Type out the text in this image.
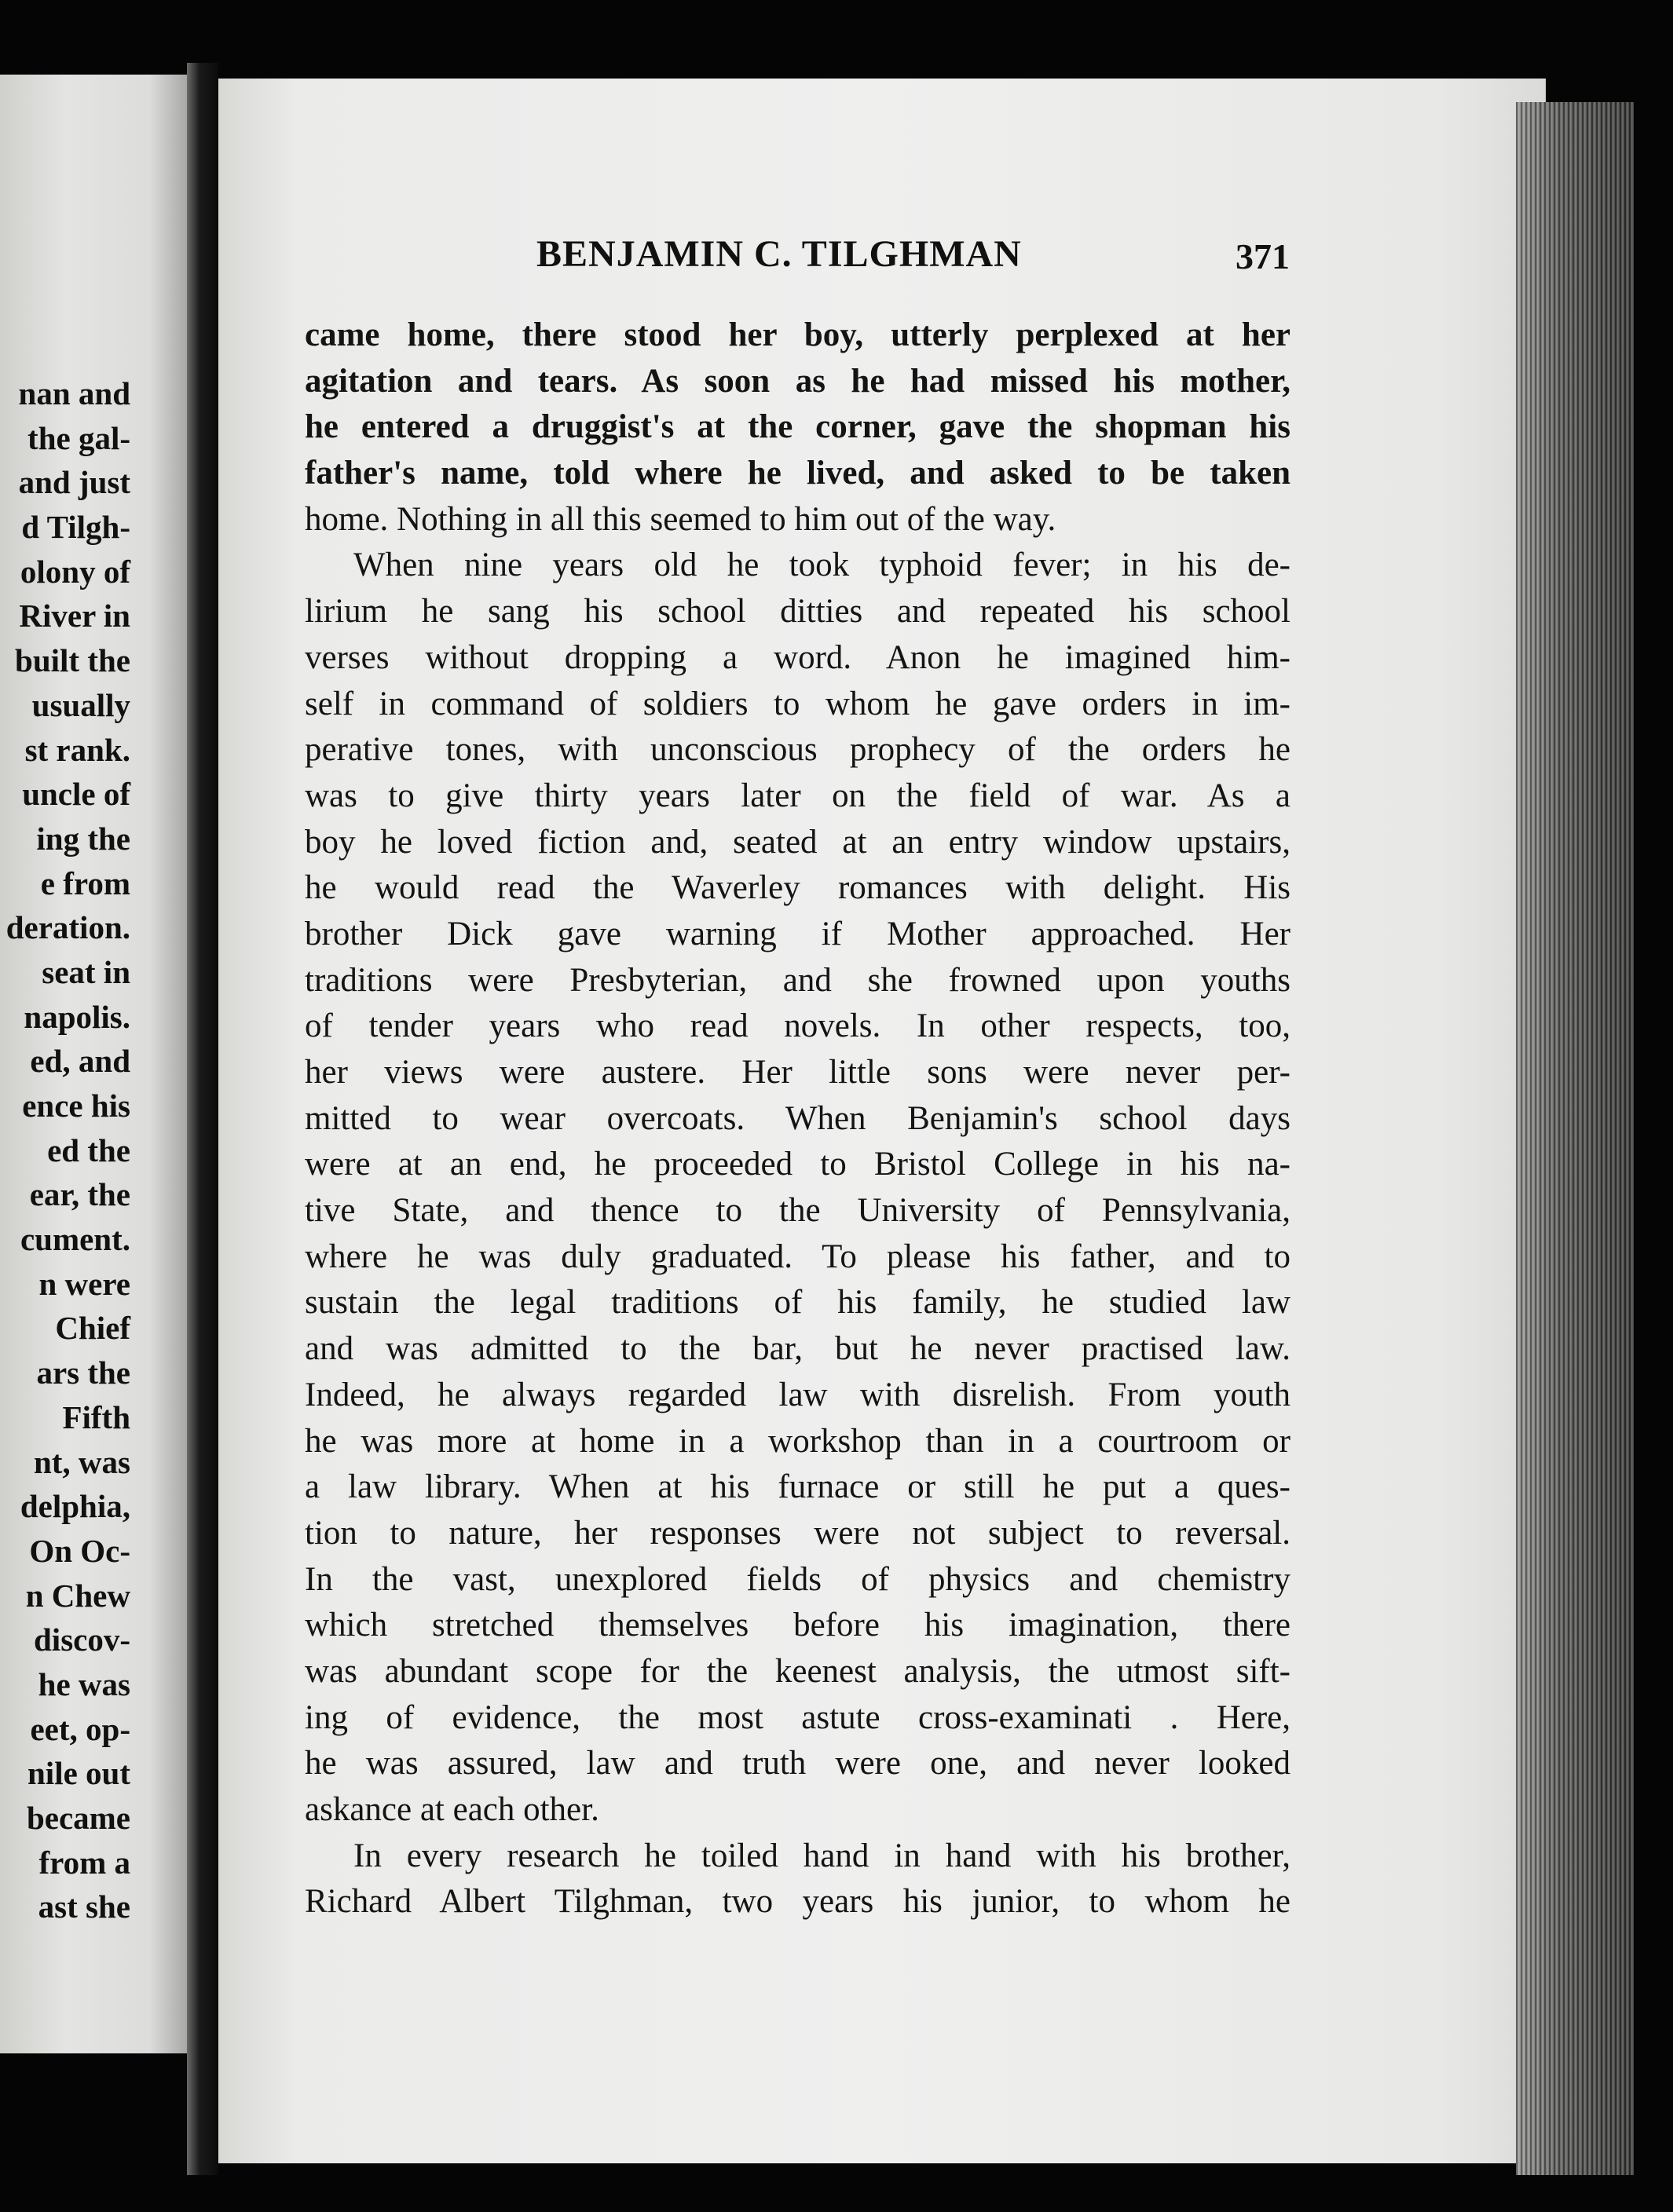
nan and
the gal-
and just
d Tilgh-
olony of
River in
built the
usually
st rank.
uncle of
ing the
e from
deration.
seat in
napolis.
ed, and
ence his
ed the
ear, the
cument.
n were
Chief
ars the
Fifth
nt, was
delphia,
On Oc-
n Chew
discov-
he was
eet, op-
nile out
became
from a
ast she
BENJAMIN C. TILGHMAN	371
came home, there stood her boy, utterly perplexed at her
agitation and tears. As soon as he had missed his mother,
he entered a druggist's at the corner, gave the shopman his
father's name, told where he lived, and asked to be taken
home. Nothing in all this seemed to him out of the way.
When nine years old he took typhoid fever; in his de-
lirium he sang his school ditties and repeated his school
verses without dropping a word. Anon he imagined him-
self in command of soldiers to whom he gave orders in im-
perative tones, with unconscious prophecy of the orders he
was to give thirty years later on the field of war. As a
boy he loved fiction and, seated at an entry window upstairs,
he would read the Waverley romances with delight. His
brother Dick gave warning if Mother approached. Her
traditions were Presbyterian, and she frowned upon youths
of tender years who read novels. In other respects, too,
her views were austere. Her little sons were never per-
mitted to wear overcoats. When Benjamin's school days
were at an end, he proceeded to Bristol College in his na-
tive State, and thence to the University of Pennsylvania,
where he was duly graduated. To please his father, and to
sustain the legal traditions of his family, he studied law
and was admitted to the bar, but he never practised law.
Indeed, he always regarded law with disrelish. From youth
he was more at home in a workshop than in a courtroom or
a law library. When at his furnace or still he put a ques-
tion to nature, her responses were not subject to reversal.
In the vast, unexplored fields of physics and chemistry
which stretched themselves before his imagination, there
was abundant scope for the keenest analysis, the utmost sift-
ing of evidence, the most astute cross-examinati . Here,
he was assured, law and truth were one, and never looked
askance at each other.
In every research he toiled hand in hand with his brother,
Richard Albert Tilghman, two years his junior, to whom he
